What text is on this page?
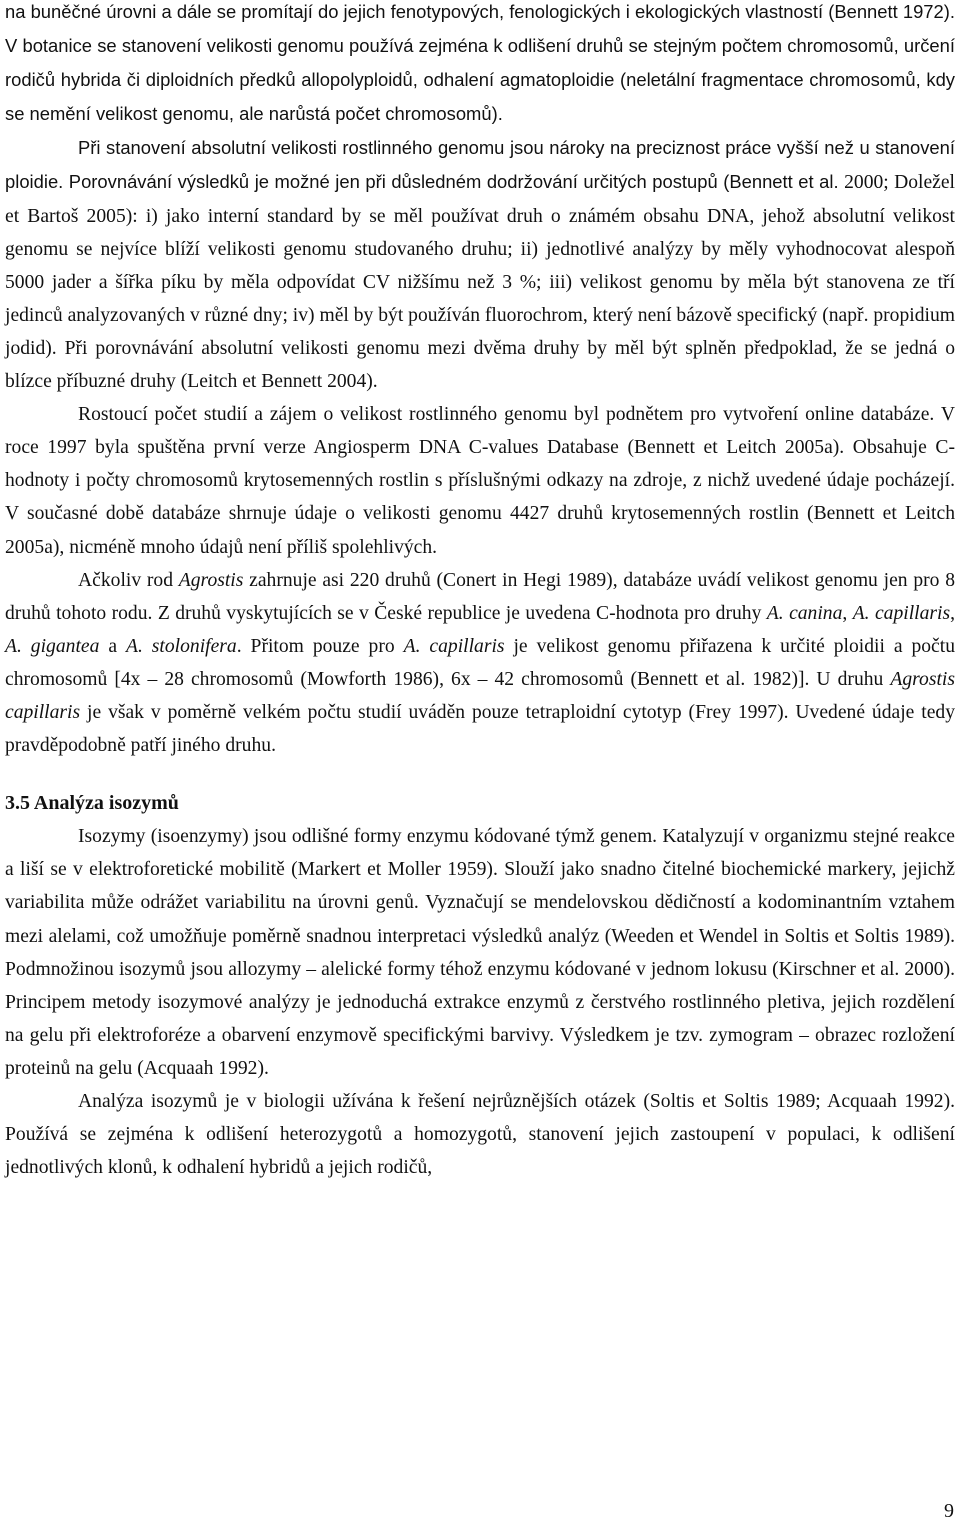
na buněčné úrovni a dále se promítají do jejich fenotypových, fenologických i ekologických vlastností (Bennett 1972). V botanice se stanovení velikosti genomu používá zejména k odlišení druhů se stejným počtem chromosomů, určení rodičů hybrida či diploidních předků allopolyploidů, odhalení agmatoploidie (neletální fragmentace chromosomů, kdy se nemění velikost genomu, ale narůstá počet chromosomů).

Při stanovení absolutní velikosti rostlinného genomu jsou nároky na preciznost práce vyšší než u stanovení ploidie. Porovnávání výsledků je možné jen při důsledném dodržování určitých postupů (Bennett et al. 2000; Doležel et Bartoš 2005): i) jako interní standard by se měl používat druh o známém obsahu DNA, jehož absolutní velikost genomu se nejvíce blíží velikosti genomu studovaného druhu; ii) jednotlivé analýzy by měly vyhodnocovat alespoň 5000 jader a šířka píku by měla odpovídat CV nižšímu než 3 %; iii) velikost genomu by měla být stanovena ze tří jedinců analyzovaných v různé dny; iv) měl by být používán fluorochrom, který není bázově specifický (např. propidium jodid). Při porovnávání absolutní velikosti genomu mezi dvěma druhy by měl být splněn předpoklad, že se jedná o blízce příbuzné druhy (Leitch et Bennett 2004).

Rostoucí počet studií a zájem o velikost rostlinného genomu byl podnětem pro vytvoření online databáze. V roce 1997 byla spuštěna první verze Angiosperm DNA C-values Database (Bennett et Leitch 2005a). Obsahuje C-hodnoty i počty chromosomů krytosemenných rostlin s příslušnými odkazy na zdroje, z nichž uvedené údaje pocházejí. V současné době databáze shrnuje údaje o velikosti genomu 4427 druhů krytosemenných rostlin (Bennett et Leitch 2005a), nicméně mnoho údajů není příliš spolehlivých.

Ačkoliv rod Agrostis zahrnuje asi 220 druhů (Conert in Hegi 1989), databáze uvádí velikost genomu jen pro 8 druhů tohoto rodu. Z druhů vyskytujících se v České republice je uvedena C-hodnota pro druhy A. canina, A. capillaris, A. gigantea a A. stolonifera. Přitom pouze pro A. capillaris je velikost genomu přiřazena k určité ploidii a počtu chromosomů [4x – 28 chromosomů (Mowforth 1986), 6x – 42 chromosomů (Bennett et al. 1982)]. U druhu Agrostis capillaris je však v poměrně velkém počtu studií uváděn pouze tetraploidní cytotyp (Frey 1997). Uvedené údaje tedy pravděpodobně patří jiného druhu.

3.5 Analýza isozymů

Isozymy (isoenzymy) jsou odlišné formy enzymu kódované týmž genem. Katalyzují v organizmu stejné reakce a liší se v elektroforetické mobilitě (Markert et Moller 1959). Slouží jako snadno čitelné biochemické markery, jejichž variabilita může odrážet variabilitu na úrovni genů. Vyznačují se mendelovskou dědičností a kodominantním vztahem mezi alelami, což umožňuje poměrně snadnou interpretaci výsledků analýz (Weeden et Wendel in Soltis et Soltis 1989). Podmnožinou isozymů jsou allozymy – alelické formy téhož enzymu kódované v jednom lokusu (Kirschner et al. 2000). Principem metody isozymové analýzy je jednoduchá extrakce enzymů z čerstvého rostlinného pletiva, jejich rozdělení na gelu při elektroforéze a obarvení enzymově specifickými barvivy. Výsledkem je tzv. zymogram – obrazec rozložení proteinů na gelu (Acquaah 1992).

Analýza isozymů je v biologii užívána k řešení nejrůznějších otázek (Soltis et Soltis 1989; Acquaah 1992). Používá se zejména k odlišení heterozygotů a homozygotů, stanovení jejich zastoupení v populaci, k odlišení jednotlivých klonů, k odhalení hybridů a jejich rodičů,

9
